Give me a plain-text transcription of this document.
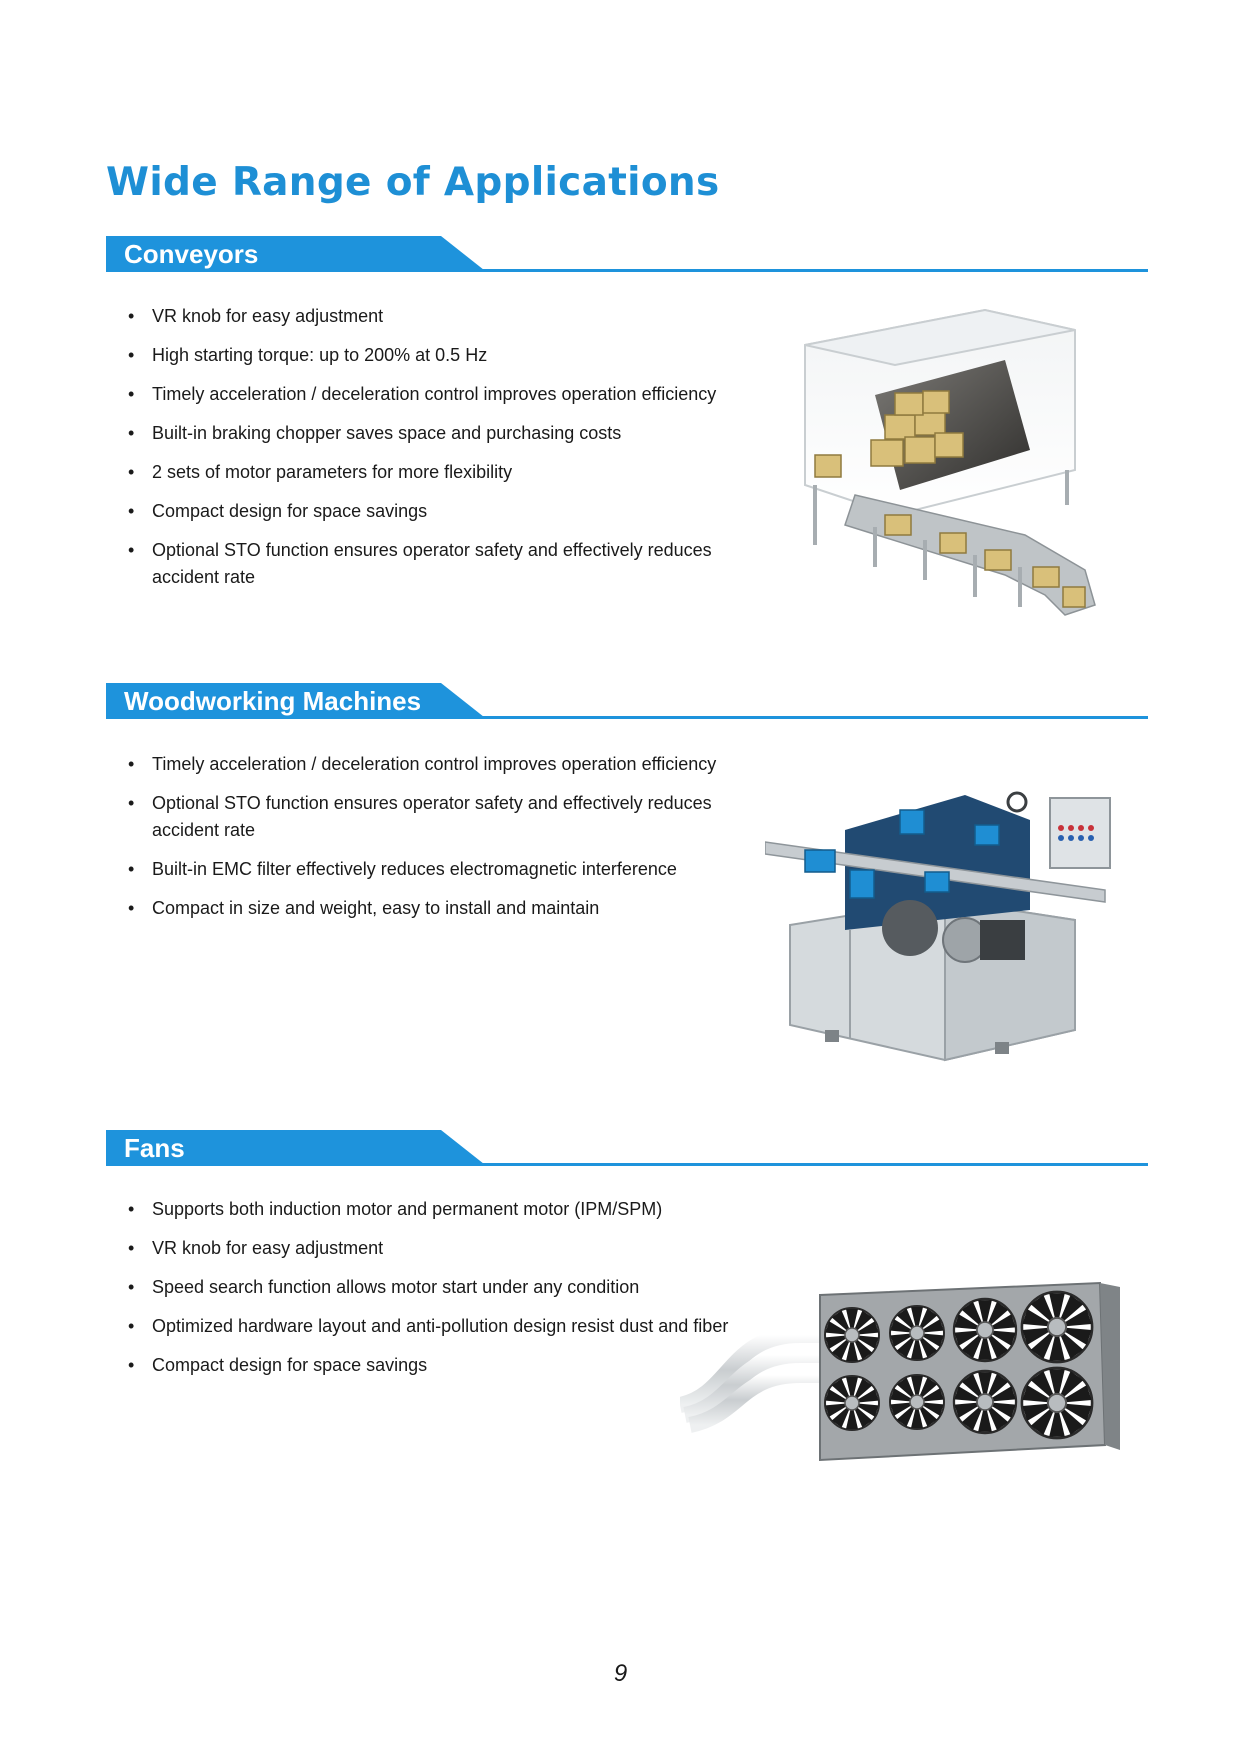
Wide Range of Applications
Conveyors
• VR knob for easy adjustment
• High starting torque: up to 200% at 0.5 Hz
• Timely acceleration / deceleration control improves operation efficiency
• Built-in braking chopper saves space and purchasing costs
• 2 sets of motor parameters for more flexibility
• Compact design for space savings
• Optional STO function ensures operator safety and effectively reduces accident rate
Woodworking Machines
• Timely acceleration / deceleration control improves operation efficiency
• Optional STO function ensures operator safety and effectively reduces accident rate
• Built-in EMC filter effectively reduces electromagnetic interference
• Compact in size and weight, easy to install and maintain
Fans
• Supports both induction motor and permanent motor (IPM/SPM)
• VR knob for easy adjustment
• Speed search function allows motor start under any condition
• Optimized hardware layout and anti-pollution design resist dust and fiber
• Compact design for space savings
9
